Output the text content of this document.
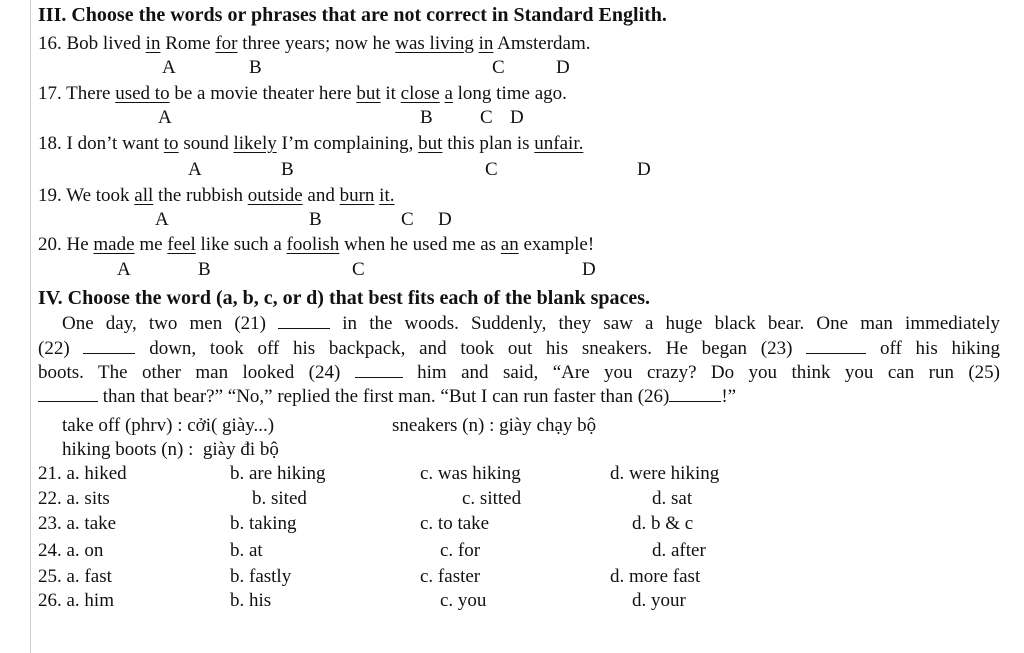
III. Choose the words or phrases that are not correct in Standard Englith.
16. Bob lived in Rome for three years; now he was living in Amsterdam.
A	B	C	D
17. There used to be a movie theater here but it close a long time ago.
A	B C D
18. I don’t want to sound likely I’m complaining, but this plan is unfair.
A	B	C	D
19. We took all the rubbish outside and burn it.
A	B	C D
20. He made me feel like such a foolish when he used me as an example!
A	B	C	D
IV. Choose the word (a, b, c, or d) that best fits each of the blank spaces.
One day, two men (21)	in the woods. Suddenly, they saw a huge black bear. One man immediately
(22)	down, took off his backpack, and took out his sneakers. He began (23)	off his hiking
boots. The other man looked (24)	him and said, “Are you crazy? Do you think you can run (25)
than that bear?” “No,” replied the first man. “But I can run faster than (26)	!”
take off (phrv) : cởi( giày...)	sneakers (n) : giày chạy bộ
hiking boots (n) :  giày đi bộ
21. a. hiked	b. are hiking	c. was hiking	d. were hiking
22. a. sits	b. sited	c. sitted	d. sat
23. a. take	b. taking	c. to take	d. b & c
24. a. on	b. at	c. for	d. after
25. a. fast	b. fastly	c. faster	d. more fast
26. a. him	b. his	c. you	d. your
